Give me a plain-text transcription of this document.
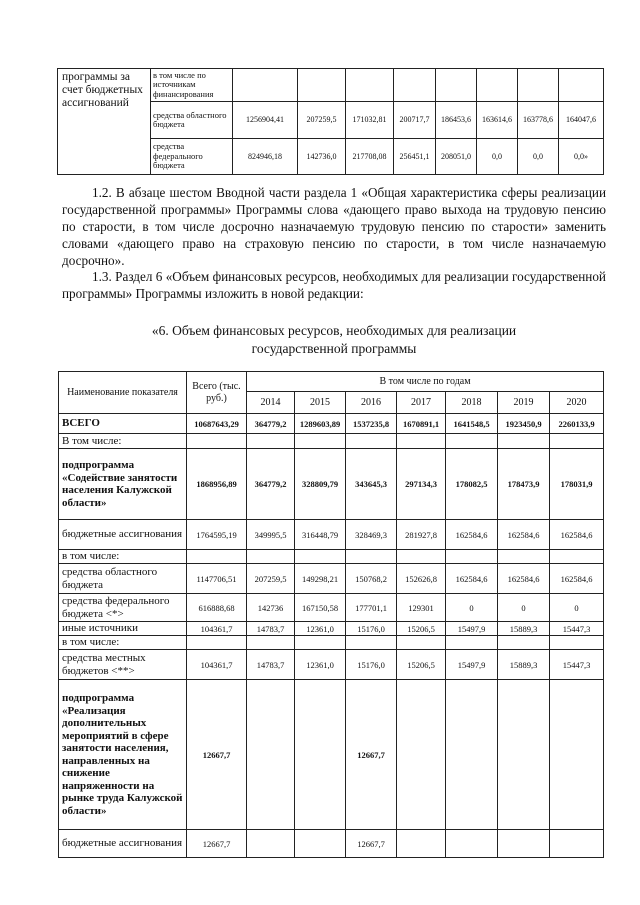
программы за счет бюджетных ассигнований	в том числе по источникам финансирования								
	средства областного бюджета	1256904,41	207259,5	171032,81	200717,7	186453,6	163614,6	163778,6	164047,6
	средства федерального бюджета	824946,18	142736,0	217708,08	256451,1	208051,0	0,0	0,0	0,0»

1.2. В абзаце шестом Вводной части раздела 1 «Общая характеристика сферы реализации государственной программы» Программы слова «дающего право выхода на трудовую пенсию по старости, в том числе досрочно назначаемую трудовую пенсию по старости» заменить словами «дающего право на страховую пенсию по старости, в том числе назначаемую досрочно».

1.3. Раздел 6 «Объем финансовых ресурсов, необходимых для реализации государственной программы» Программы изложить в новой редакции:

«6. Объем финансовых ресурсов, необходимых для реализации
государственной программы

Наименование показателя	Всего (тыс. руб.)	В том числе по годам						
		2014	2015	2016	2017	2018	2019	2020
ВСЕГО	10687643,29	364779,2	1289603,89	1537235,8	1670891,1	1641548,5	1923450,9	2260133,9
В том числе:								
подпрограмма «Содействие занятости населения Калужской области»	1868956,89	364779,2	328809,79	343645,3	297134,3	178082,5	178473,9	178031,9
бюджетные ассигнования	1764595,19	349995,5	316448,79	328469,3	281927,8	162584,6	162584,6	162584,6
в том числе:								
средства областного бюджета	1147706,51	207259,5	149298,21	150768,2	152626,8	162584,6	162584,6	162584,6
средства федерального бюджета <*>	616888,68	142736	167150,58	177701,1	129301	0	0	0
иные источники	104361,7	14783,7	12361,0	15176,0	15206,5	15497,9	15889,3	15447,3
в том числе:								
средства местных бюджетов <**>	104361,7	14783,7	12361,0	15176,0	15206,5	15497,9	15889,3	15447,3
подпрограмма «Реализация дополнительных мероприятий в сфере занятости населения, направленных на снижение напряженности на рынке труда Калужской области»	12667,7			12667,7				
бюджетные ассигнования	12667,7			12667,7				
